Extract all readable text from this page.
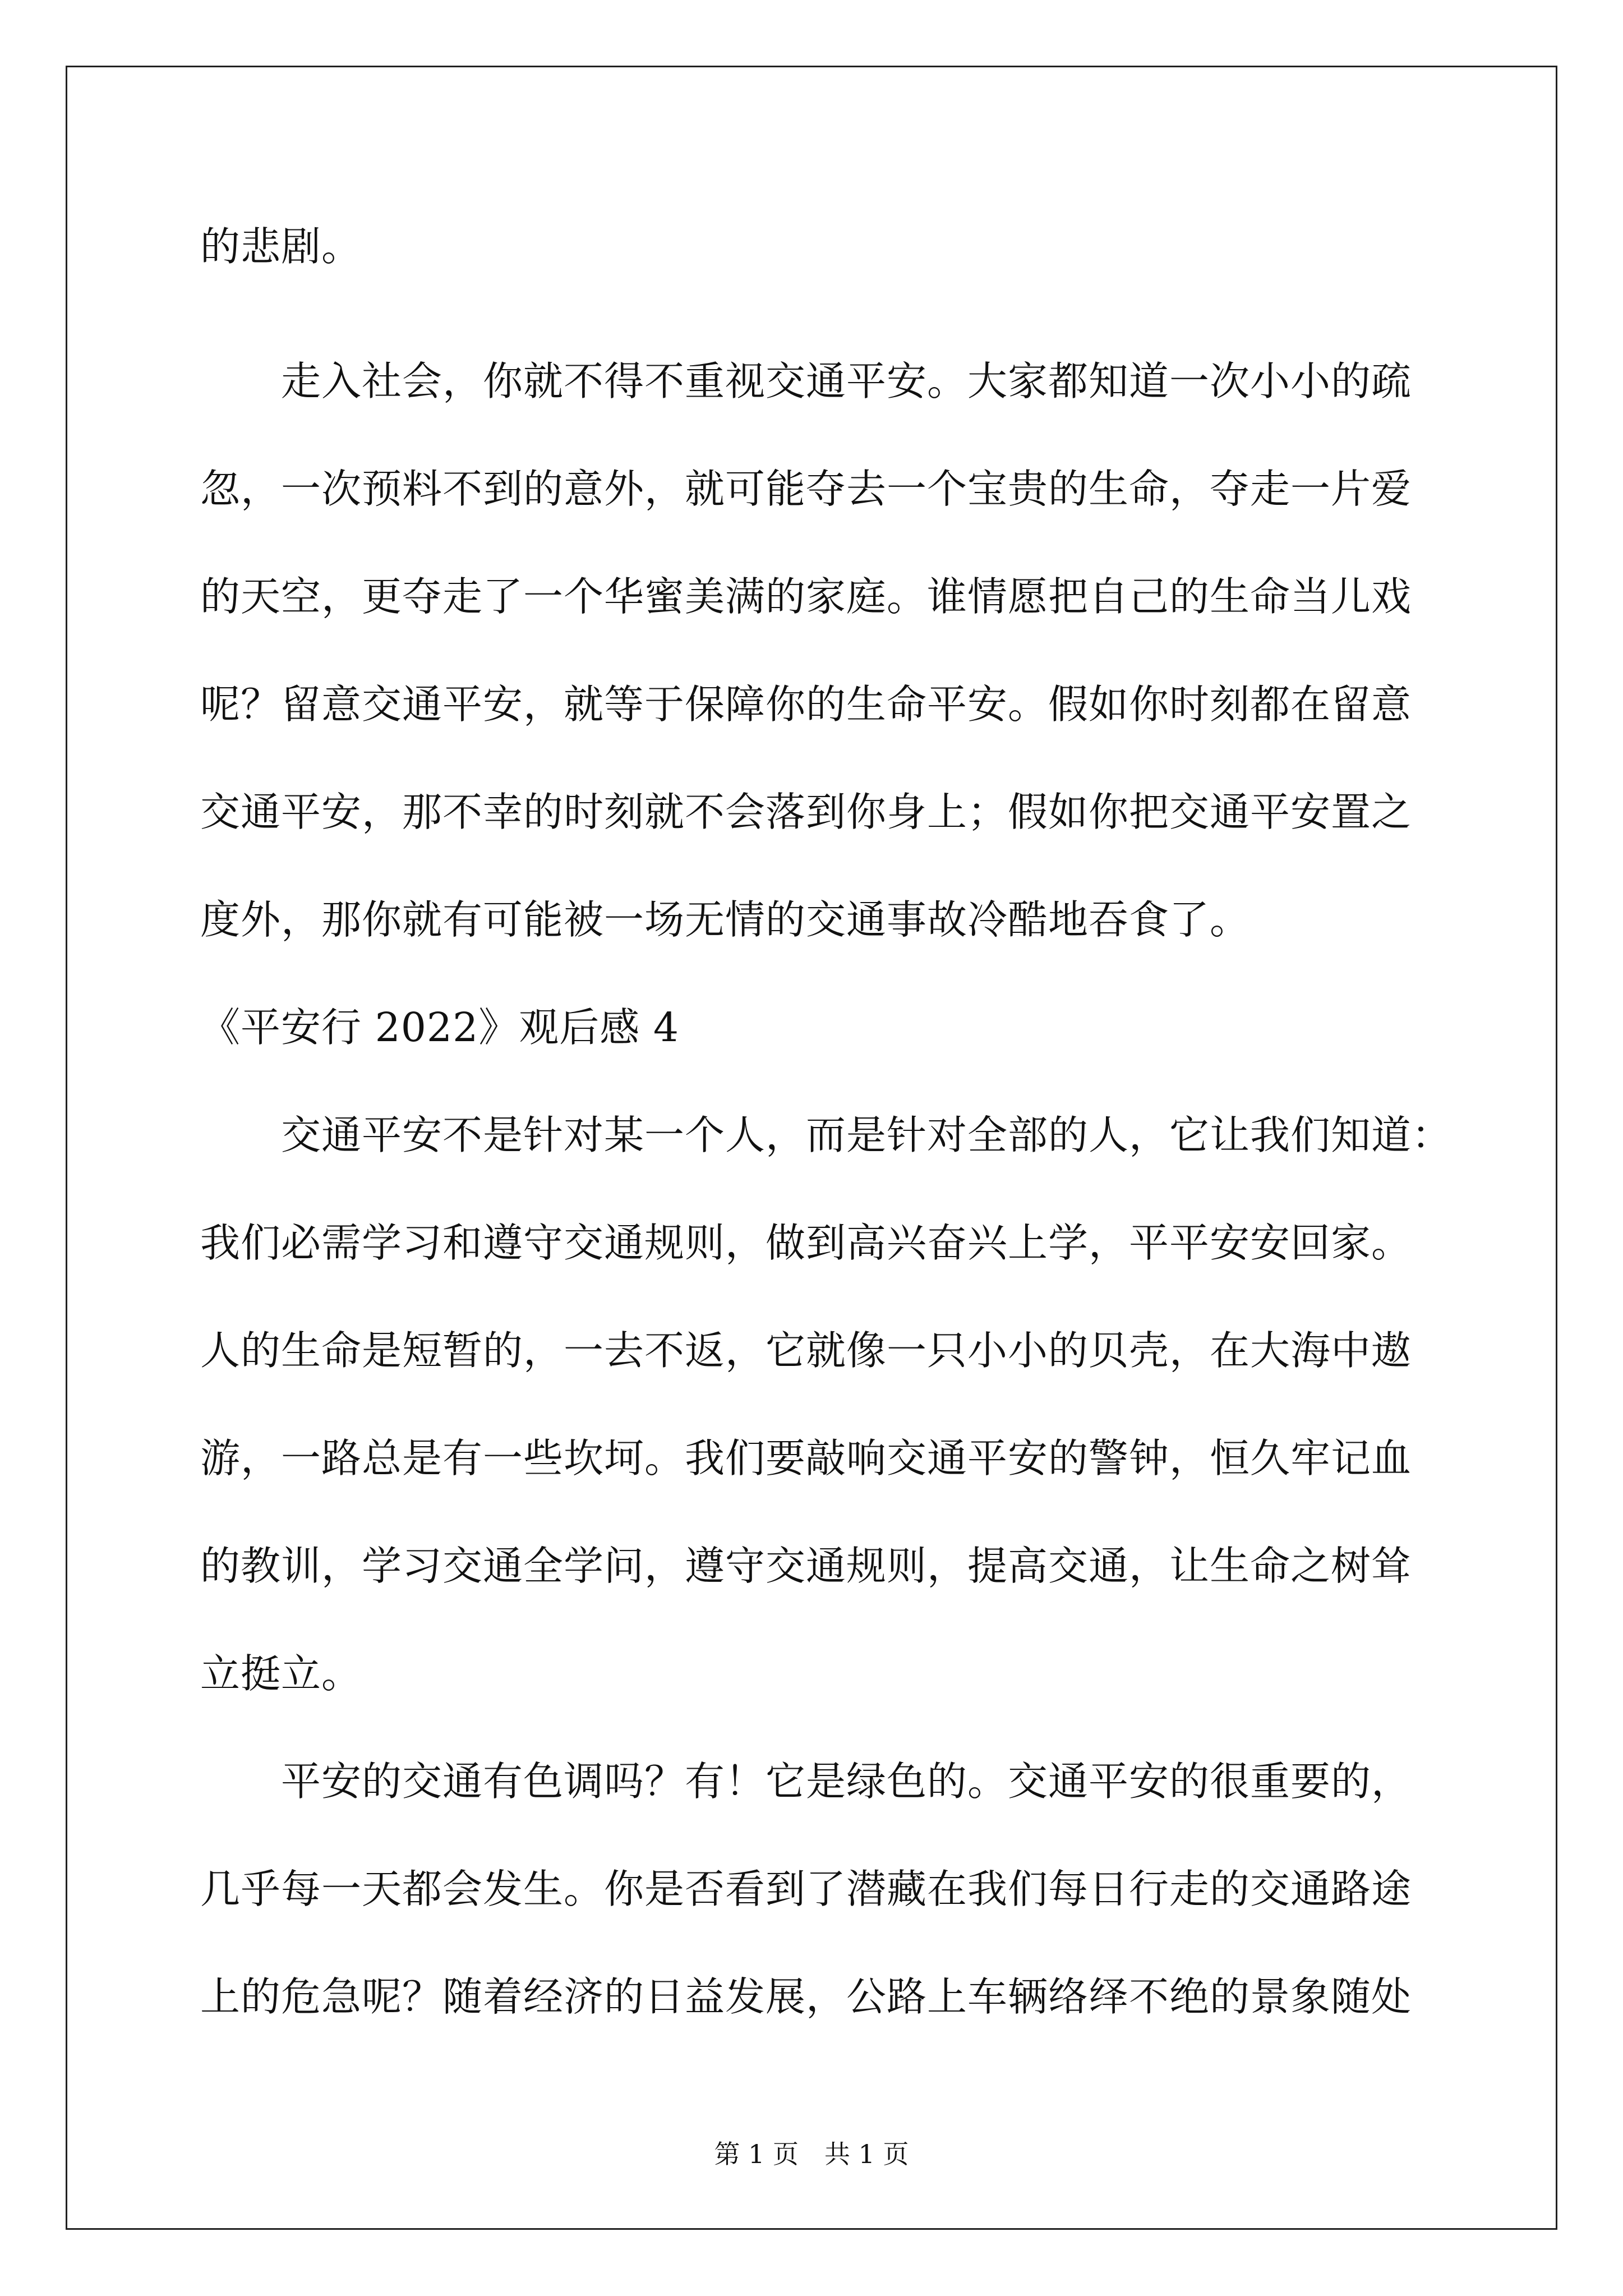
的悲剧。
走入社会，你就不得不重视交通平安。大家都知道一次小小的疏
忽，一次预料不到的意外，就可能夺去一个宝贵的生命，夺走一片爱
的天空，更夺走了一个华蜜美满的家庭。谁情愿把自己的生命当儿戏
呢？留意交通平安，就等于保障你的生命平安。假如你时刻都在留意
交通平安，那不幸的时刻就不会落到你身上；假如你把交通平安置之
度外，那你就有可能被一场无情的交通事故冷酷地吞食了。
《平安行 2022》观后感 4
交通平安不是针对某一个人，而是针对全部的人，它让我们知道：
我们必需学习和遵守交通规则，做到高兴奋兴上学，平平安安回家。
人的生命是短暂的，一去不返，它就像一只小小的贝壳，在大海中遨
游，一路总是有一些坎坷。我们要敲响交通平安的警钟，恒久牢记血
的教训，学习交通全学问，遵守交通规则，提高交通，让生命之树耸
立挺立。
平安的交通有色调吗？有！它是绿色的。交通平安的很重要的，
几乎每一天都会发生。你是否看到了潜藏在我们每日行走的交通路途
上的危急呢？随着经济的日益发展，公路上车辆络绎不绝的景象随处
第 1 页　共 1 页
